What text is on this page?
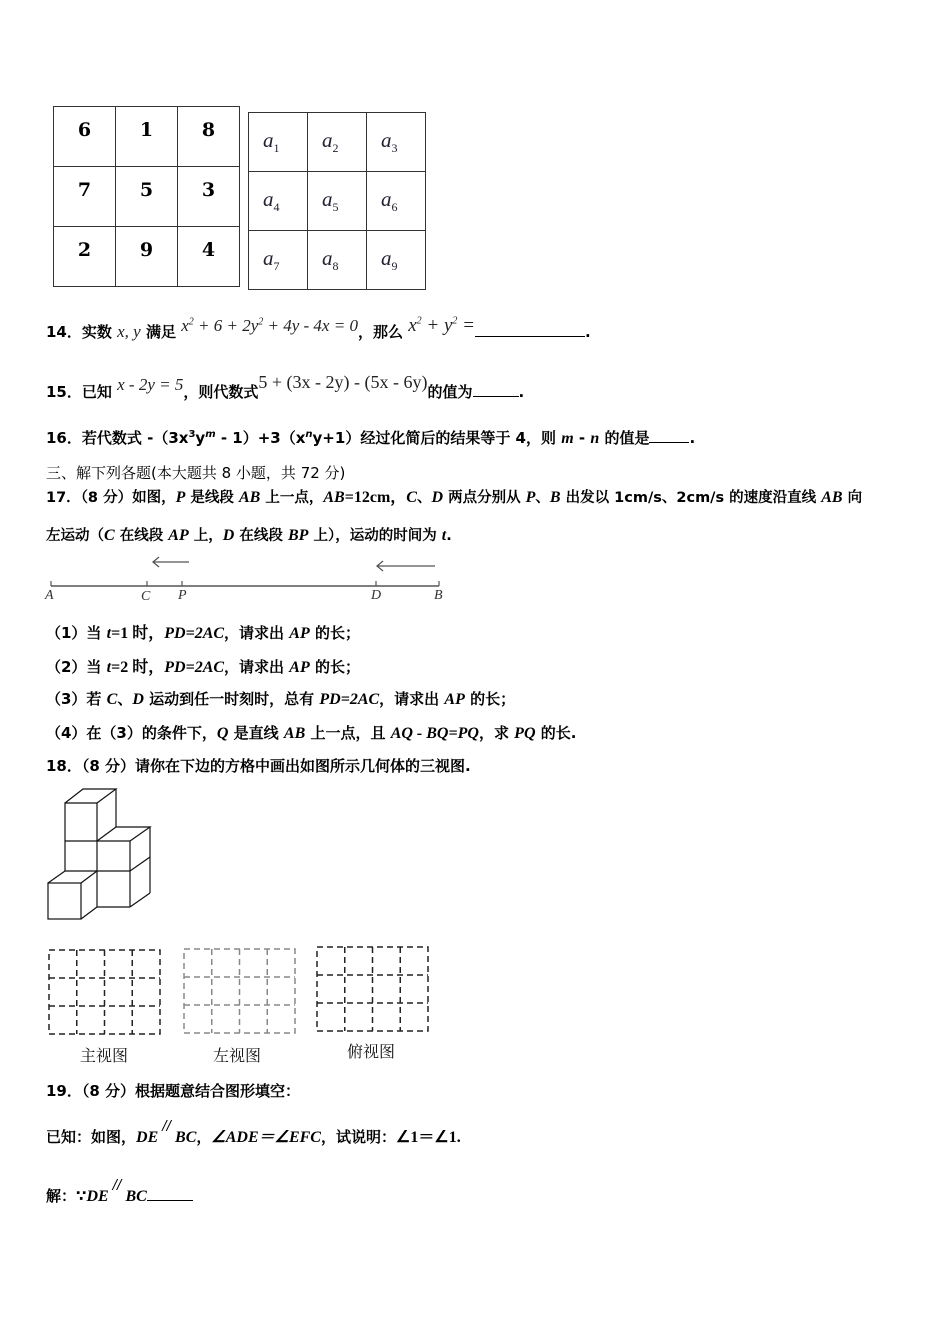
6	1	8
7	5	3
2	9	4
$a_1$	$a_2$	$a_3$
$a_4$	$a_5$	$a_6$
$a_7$	$a_8$	$a_9$
14．实数 x, y 满足 $x^2 + 6 + 2y^2 + 4y - 4x = 0$，那么 $x^2 + y^2$ =	.
15．已知 x - 2y = 5，则代数式5 + (3x - 2y) - (5x - 6y)的值为	.
16．若代数式 $-(3x^3y^m - 1)+3(x^ny+1)$经过化简后的结果等于 4，则 m - n 的值是	.
三、解下列各题(本大题共 8 小题，共 72 分)
17．（8 分）如图，P 是线段 AB 上一点，AB=12cm，C、D 两点分别从 P、B 出发以 1cm/s、2cm/s 的速度沿直线 AB 向
左运动（C 在线段 AP 上，D 在线段 BP 上），运动的时间为 t.
A	C P	D	B
（1）当 t=1 时，PD=2AC，请求出 AP 的长；
（2）当 t=2 时，PD=2AC，请求出 AP 的长；
（3）若 C、D 运动到任一时刻时，总有 PD=2AC，请求出 AP 的长；
（4）在（3）的条件下，Q 是直线 AB 上一点，且 AQ - BQ=PQ，求 PQ 的长.
18．（8 分）请你在下边的方格中画出如图所示几何体的三视图.
主视图	左视图	俯视图
19．（8 分）根据题意结合图形填空：
已知：如图，DE//BC，∠ADE＝∠EFC，试说明：∠1＝∠1.
解：∵DE//BC
